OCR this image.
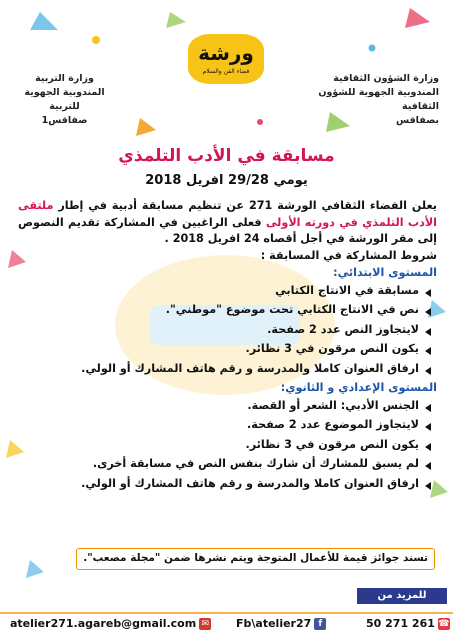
وزارة الشؤون الثقافية
المندوبية الجهوية للشؤون الثقافية
بصفاقس
ورشة
فضاء الفن والسلام
وزارة التربية
المندوبية الجهوية للتربية
صفاقس1
مسابقة في الأدب التلمذي
يومي 29/28 افريل 2018
يعلن الفضاء الثقافي الورشة 271 عن تنظيم مسابقة أدبية في إطار ملتقى الأدب التلمذي في دورته الأولى فعلى الراغبين في المشاركة تقديم النصوص إلى مقر الورشة في أجل أقصاه 24 افريل 2018 .
شروط المشاركة في المسابقة :
المستوى الابتدائي:
مسابقة في الانتاج الكتابي
نص في الانتاج الكتابي تحت موضوع "موطني".
لايتجاوز النص عدد 2 صفحة.
يكون النص مرقون في 3 نظائر.
ارفاق العنوان كاملا والمدرسة و رقم هاتف المشارك أو الولي.
المستوى الإعدادي و الثانوي:
الجنس الأدبي: الشعر أو القصة.
لايتجاوز الموضوع عدد 2 صفحة.
يكون النص مرقون في 3 نظائر.
لم يسبق للمشارك أن شارك بنفس النص في مسابقة أخرى.
ارفاق العنوان كاملا والمدرسة و رقم هاتف المشارك أو الولي.
تسند جوائز قيمة للأعمال المتوجة ويتم نشرها ضمن "مجلة مصعب".
للمزيد من
atelier271.agareb@gmail.com ✉ Fb\atelier27 f	50 271 261 ☎
